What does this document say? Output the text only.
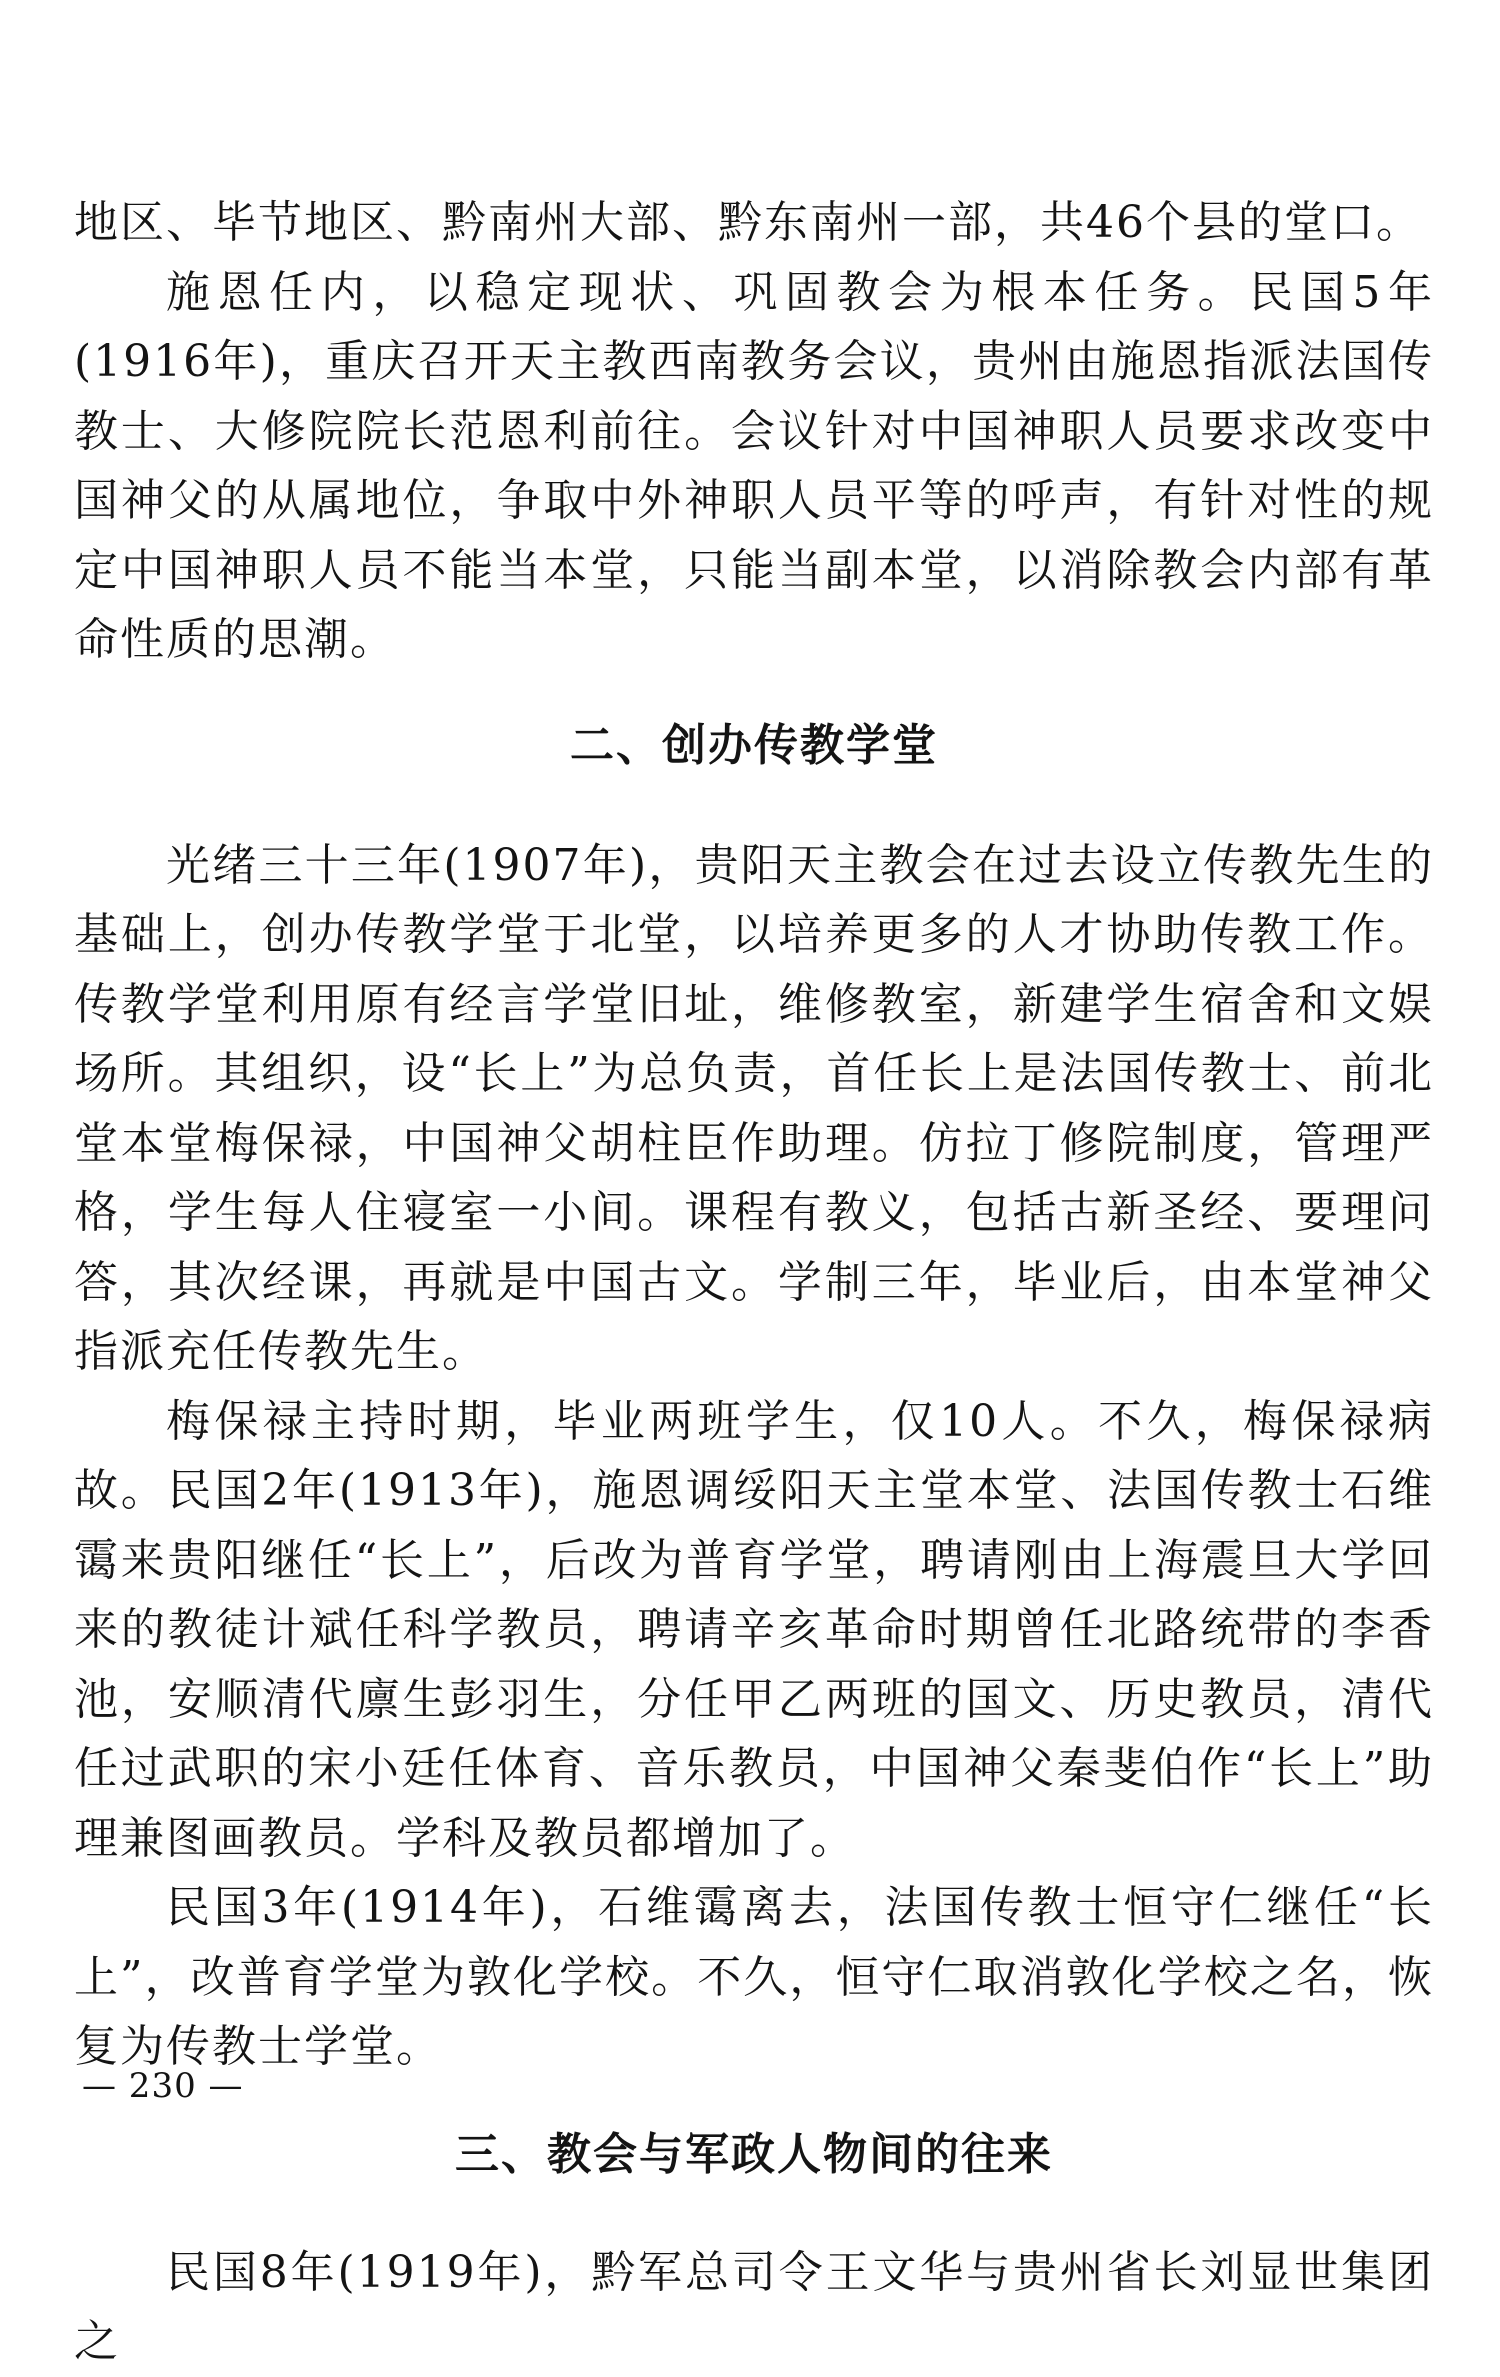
地区、毕节地区、黔南州大部、黔东南州一部，共46个县的堂口。

施恩任内，以稳定现状、巩固教会为根本任务。民国5年(1916年)，重庆召开天主教西南教务会议，贵州由施恩指派法国传教士、大修院院长范恩利前往。会议针对中国神职人员要求改变中国神父的从属地位，争取中外神职人员平等的呼声，有针对性的规定中国神职人员不能当本堂，只能当副本堂，以消除教会内部有革命性质的思潮。

二、创办传教学堂

光绪三十三年(1907年)，贵阳天主教会在过去设立传教先生的基础上，创办传教学堂于北堂，以培养更多的人才协助传教工作。传教学堂利用原有经言学堂旧址，维修教室，新建学生宿舍和文娱场所。其组织，设“长上”为总负责，首任长上是法国传教士、前北堂本堂梅保禄，中国神父胡柱臣作助理。仿拉丁修院制度，管理严格，学生每人住寝室一小间。课程有教义，包括古新圣经、要理问答，其次经课，再就是中国古文。学制三年，毕业后，由本堂神父指派充任传教先生。

梅保禄主持时期，毕业两班学生，仅10人。不久，梅保禄病故。民国2年(1913年)，施恩调绥阳天主堂本堂、法国传教士石维霭来贵阳继任“长上”，后改为普育学堂，聘请刚由上海震旦大学回来的教徒计斌任科学教员，聘请辛亥革命时期曾任北路统带的李香池，安顺清代廪生彭羽生，分任甲乙两班的国文、历史教员，清代任过武职的宋小廷任体育、音乐教员，中国神父秦斐伯作“长上”助理兼图画教员。学科及教员都增加了。

民国3年(1914年)，石维霭离去，法国传教士恒守仁继任“长上”，改普育学堂为敦化学校。不久，恒守仁取消敦化学校之名，恢复为传教士学堂。

三、教会与军政人物间的往来

民国8年(1919年)，黔军总司令王文华与贵州省长刘显世集团之

— 230 —
